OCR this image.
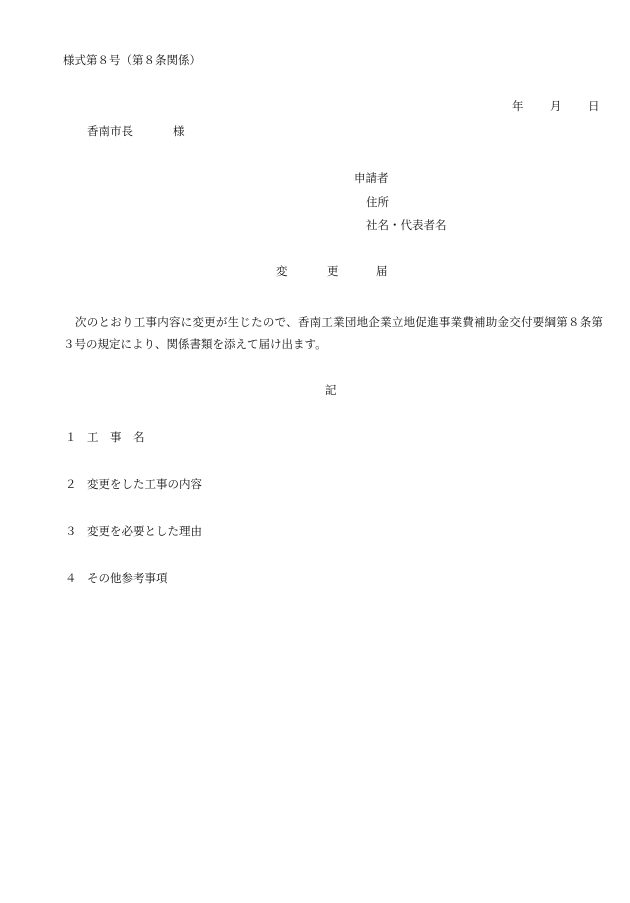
様式第８号（第８条関係）
年 月 日
香南市長	様
申請者
住所
社名・代表者名
変	更	届
次のとおり工事内容に変更が生じたので、香南工業団地企業立地促進事業費補助金交付要綱第８条第３号の規定により、関係書類を添えて届け出ます。
記
１ 工　事　名
２ 変更をした工事の内容
３ 変更を必要とした理由
４ その他参考事項
